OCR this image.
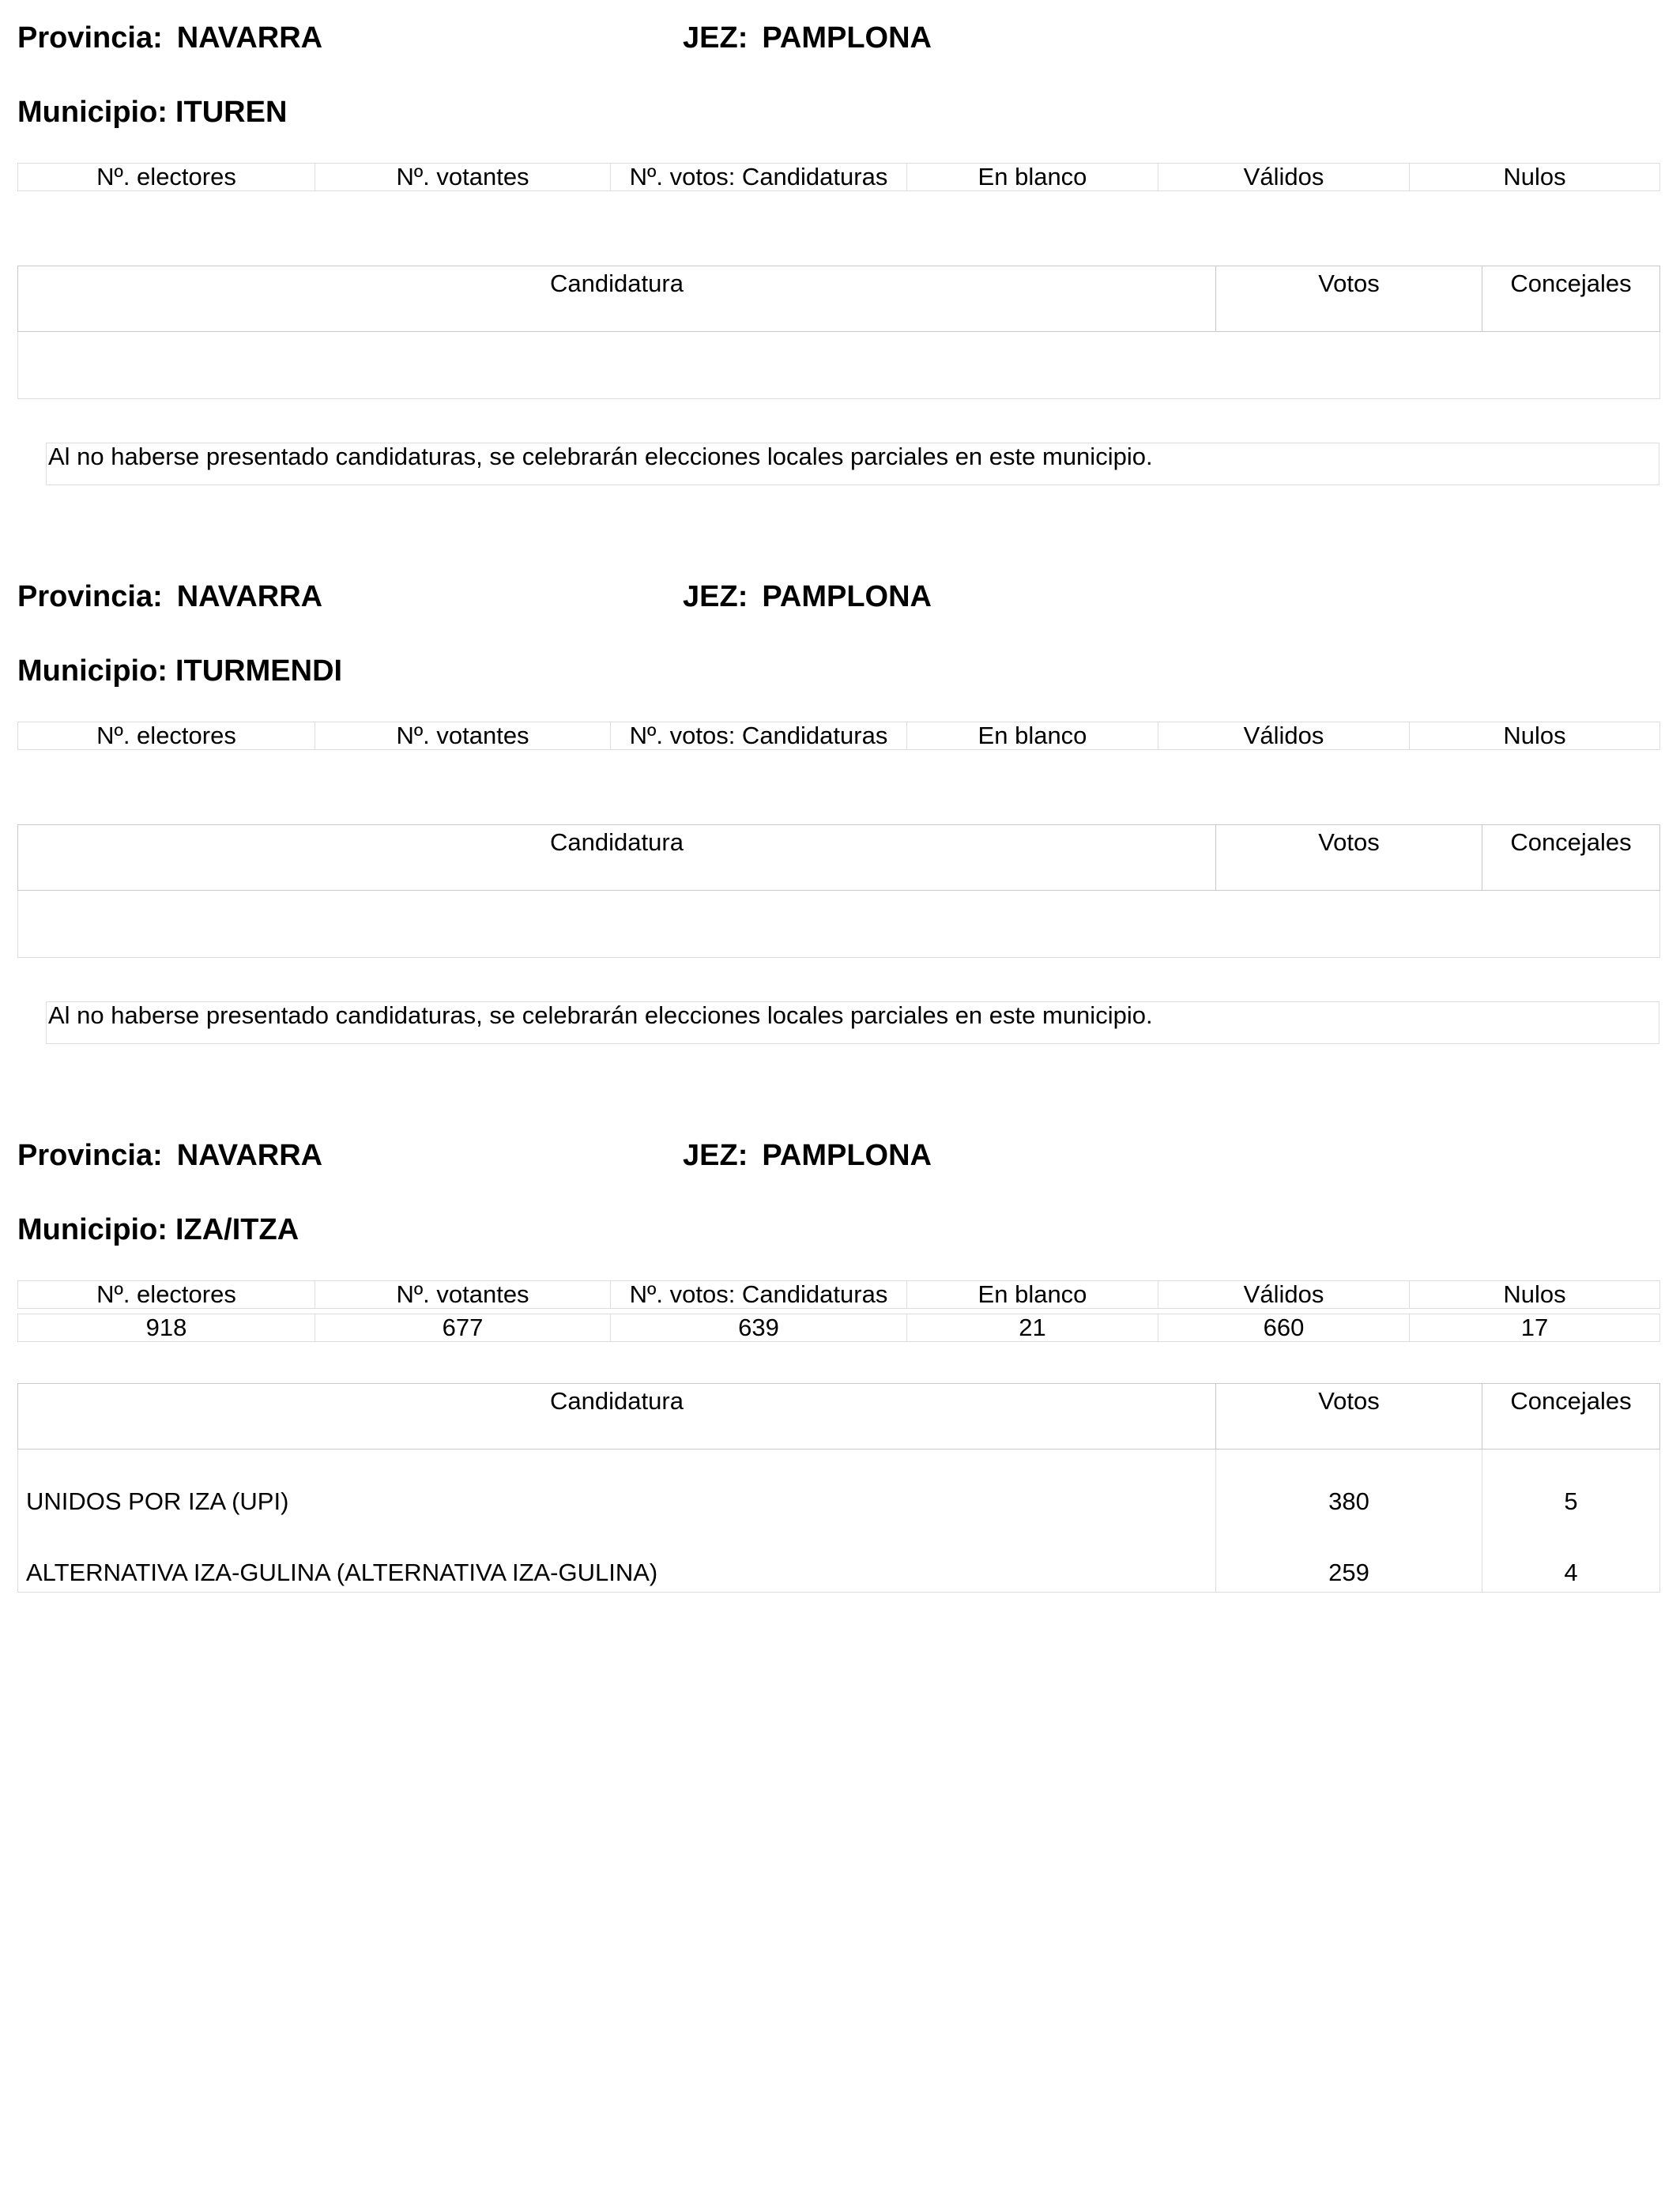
Provincia: NAVARRA	JEZ: PAMPLONA
Municipio: ITUREN
Nº. electores	Nº. votantes	Nº. votos: Candidaturas	En blanco	Válidos	Nulos
Candidatura	Votos	Concejales

Al no haberse presentado candidaturas, se celebrarán elecciones locales parciales en este municipio.
Provincia: NAVARRA	JEZ: PAMPLONA
Municipio: ITURMENDI
Nº. electores	Nº. votantes	Nº. votos: Candidaturas	En blanco	Válidos	Nulos
Candidatura	Votos	Concejales

Al no haberse presentado candidaturas, se celebrarán elecciones locales parciales en este municipio.
Provincia: NAVARRA	JEZ: PAMPLONA
Municipio: IZA/ITZA
Nº. electores	Nº. votantes	Nº. votos: Candidaturas	En blanco	Válidos	Nulos
918	677	639	21	660	17
Candidatura	Votos	Concejales
UNIDOS POR IZA (UPI)	380	5
ALTERNATIVA IZA-GULINA (ALTERNATIVA IZA-GULINA)	259	4
